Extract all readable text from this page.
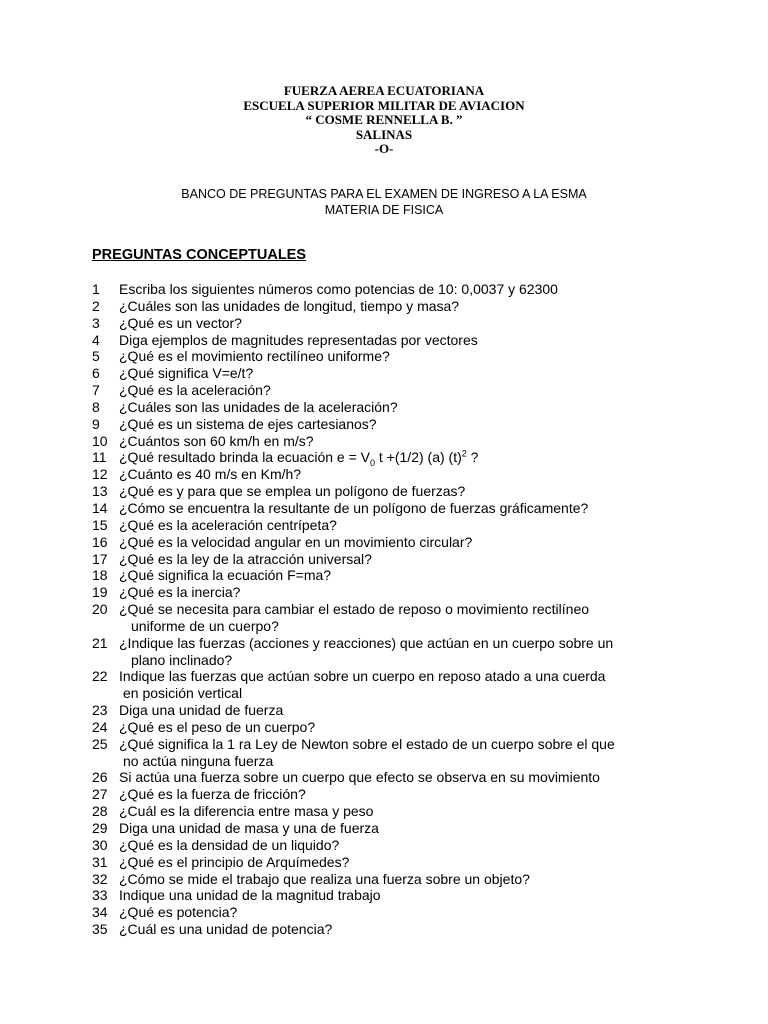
FUERZA AEREA ECUATORIANA
ESCUELA SUPERIOR MILITAR DE AVIACION
“ COSME RENNELLA B. ”
SALINAS
-O-
BANCO DE PREGUNTAS PARA EL EXAMEN DE INGRESO A LA ESMA
MATERIA DE FISICA
PREGUNTAS CONCEPTUALES
1	Escriba los siguientes números como potencias de 10: 0,0037 y 62300
2	¿Cuáles son las unidades de longitud, tiempo y masa?
3	¿Qué es un vector?
4	Diga ejemplos de magnitudes representadas por vectores
5	¿Qué es el movimiento rectilíneo uniforme?
6	¿Qué significa V=e/t?
7	¿Qué es la aceleración?
8	¿Cuáles son las unidades de la aceleración?
9	¿Qué es un sistema de ejes cartesianos?
10 ¿Cuántos son 60 km/h en m/s?
11 ¿Qué resultado brinda la ecuación $e = V_0$ t +(1/2) (a) $(t)^2$ ?
12 ¿Cuánto es 40 m/s en Km/h?
13 ¿Qué es y para que se emplea un polígono de fuerzas?
14 ¿Cómo se encuentra la resultante de un polígono de fuerzas gráficamente?
15 ¿Qué es la aceleración centrípeta?
16 ¿Qué es la velocidad angular en un movimiento circular?
17 ¿Qué es la ley de la atracción universal?
18 ¿Qué significa la ecuación F=ma?
19 ¿Qué es la inercia?
20 ¿Qué se necesita para cambiar el estado de reposo o movimiento rectilíneo
uniforme de un cuerpo?
21 ¿Indique las fuerzas (acciones y reacciones) que actúan en un cuerpo sobre un
plano inclinado?
22 Indique las fuerzas que actúan sobre un cuerpo en reposo atado a una cuerda
en posición vertical
23 Diga una unidad de fuerza
24 ¿Qué es el peso de un cuerpo?
25 ¿Qué significa la 1 ra Ley de Newton sobre el estado de un cuerpo sobre el que
no actúa ninguna fuerza
26 Si actúa una fuerza sobre un cuerpo que efecto se observa en su movimiento
27 ¿Qué es la fuerza de fricción?
28 ¿Cuál es la diferencia entre masa y peso
29 Diga una unidad de masa y una de fuerza
30 ¿Qué es la densidad de un liquido?
31 ¿Qué es el principio de Arquímedes?
32 ¿Cómo se mide el trabajo que realiza una fuerza sobre un objeto?
33 Indique una unidad de la magnitud trabajo
34 ¿Qué es potencia?
35 ¿Cuál es una unidad de potencia?
